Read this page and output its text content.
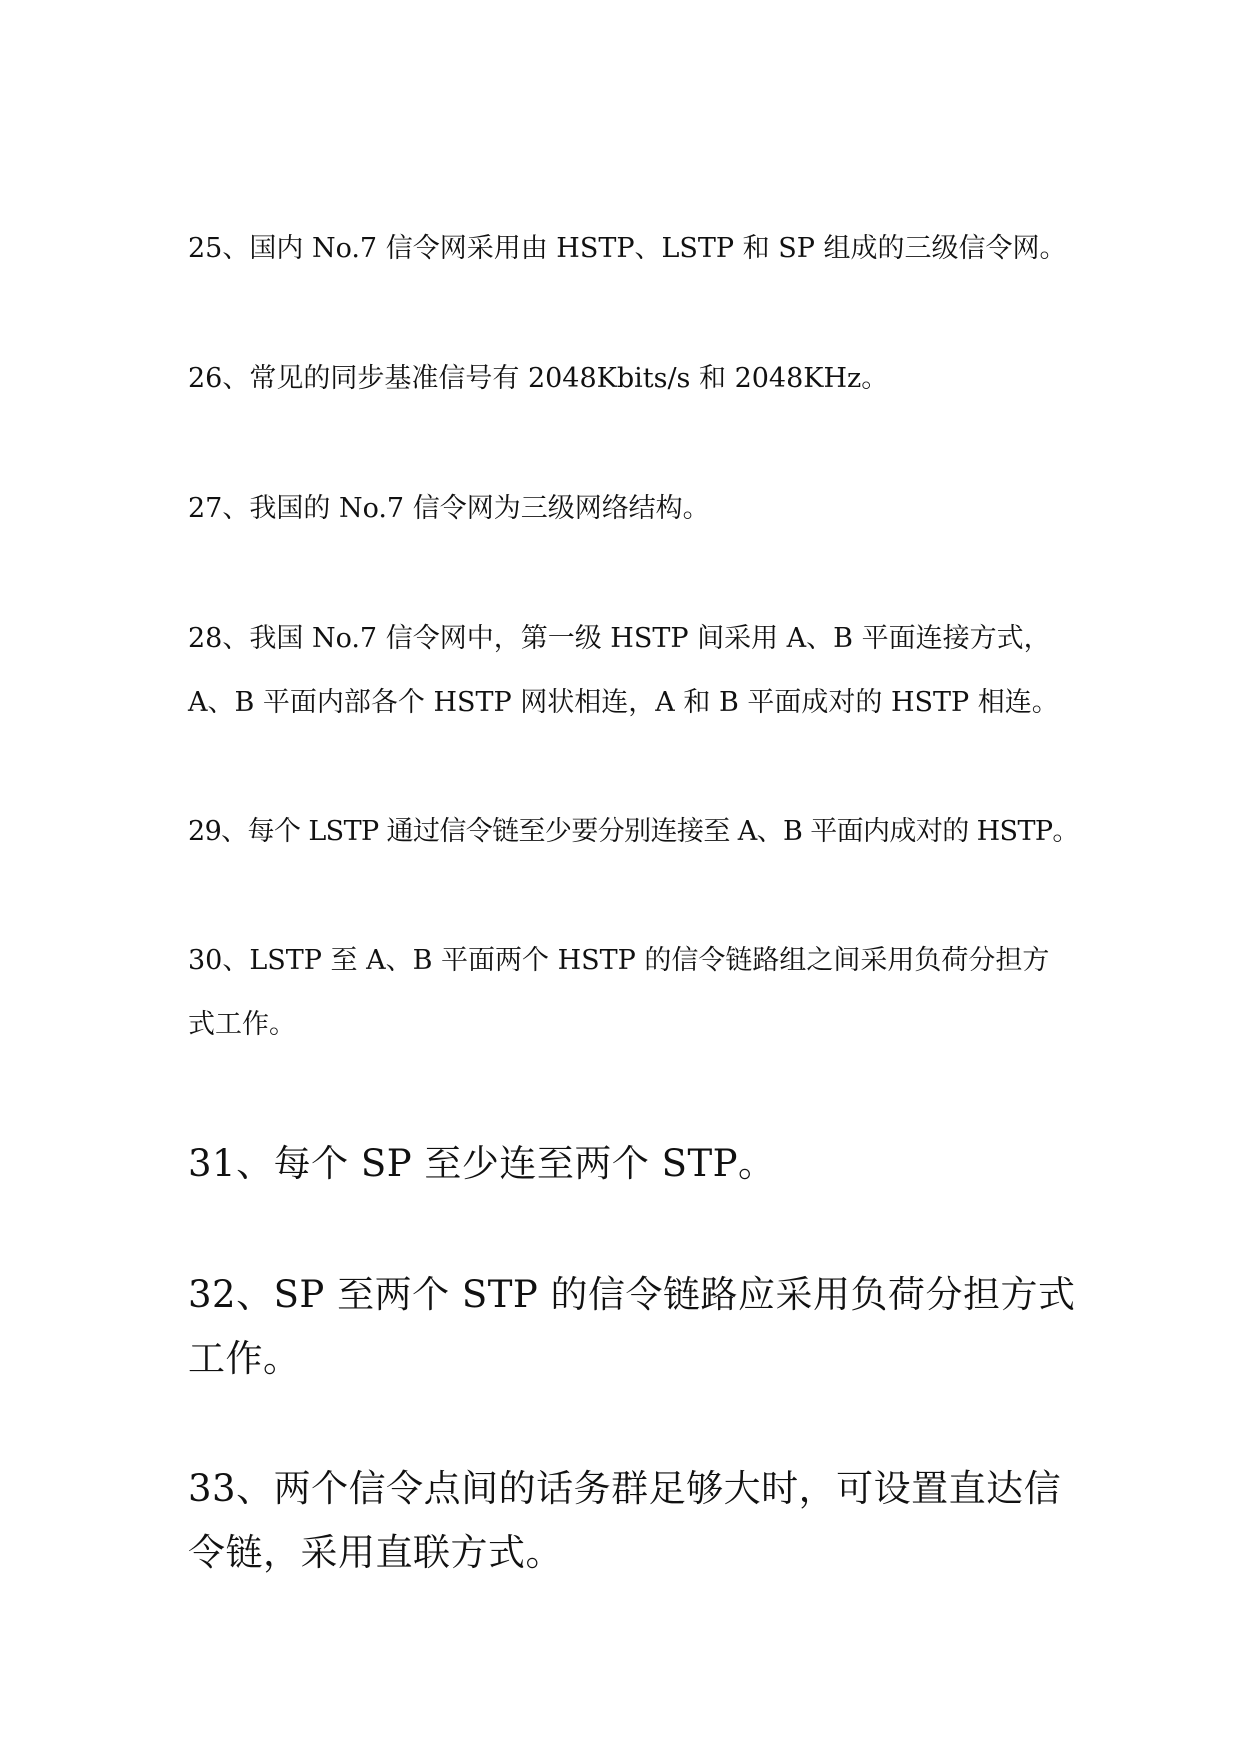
25、国内 No.7 信令网采用由 HSTP、LSTP 和 SP 组成的三级信令网。

26、常见的同步基准信号有 2048Kbits/s 和 2048KHz。

27、我国的 No.7 信令网为三级网络结构。

28、我国 No.7 信令网中，第一级 HSTP 间采用 A、B 平面连接方式，
A、B 平面内部各个 HSTP 网状相连，A 和 B 平面成对的 HSTP 相连。

29、每个 LSTP 通过信令链至少要分别连接至 A、B 平面内成对的 HSTP。

30、LSTP 至 A、B 平面两个 HSTP 的信令链路组之间采用负荷分担方
式工作。

31、每个 SP 至少连至两个 STP。

32、SP 至两个 STP 的信令链路应采用负荷分担方式
工作。

33、两个信令点间的话务群足够大时，可设置直达信
令链，采用直联方式。
